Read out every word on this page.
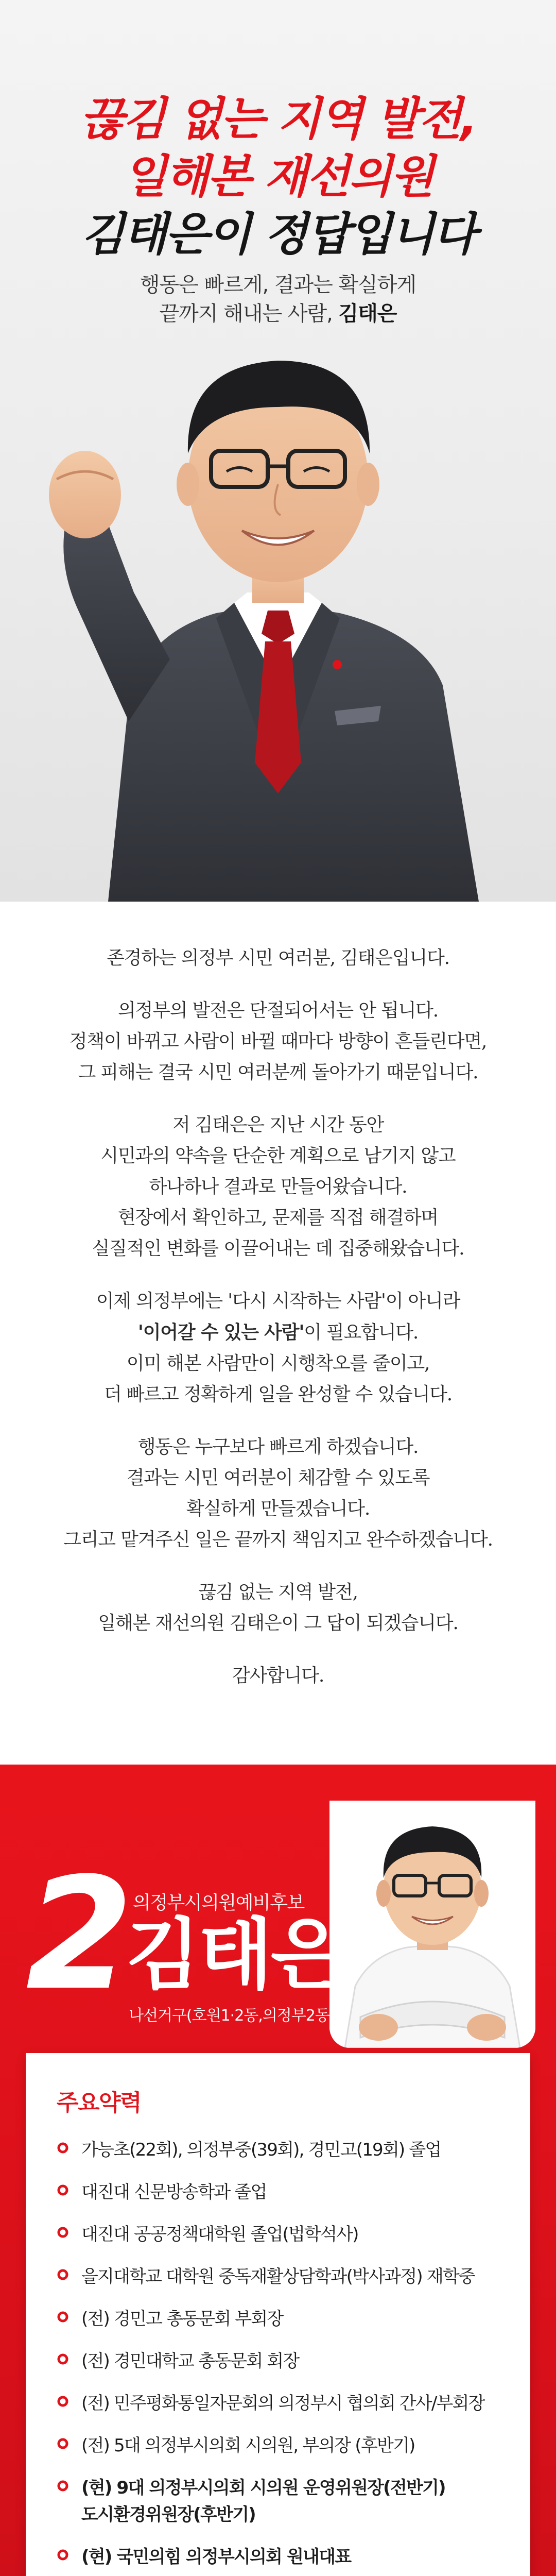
끊김 없는 지역 발전,
일해본 재선의원
김태은이 정답입니다
행동은 빠르게, 결과는 확실하게
끝까지 해내는 사람, 김태은
존경하는 의정부 시민 여러분, 김태은입니다.
의정부의 발전은 단절되어서는 안 됩니다.
정책이 바뀌고 사람이 바뀔 때마다 방향이 흔들린다면,
그 피해는 결국 시민 여러분께 돌아가기 때문입니다.
저 김태은은 지난 시간 동안
시민과의 약속을 단순한 계획으로 남기지 않고
하나하나 결과로 만들어왔습니다.
현장에서 확인하고, 문제를 직접 해결하며
실질적인 변화를 이끌어내는 데 집중해왔습니다.
이제 의정부에는 '다시 시작하는 사람'이 아니라
'이어갈 수 있는 사람'이 필요합니다.
이미 해본 사람만이 시행착오를 줄이고,
더 빠르고 정확하게 일을 완성할 수 있습니다.
행동은 누구보다 빠르게 하겠습니다.
결과는 시민 여러분이 체감할 수 있도록
확실하게 만들겠습니다.
그리고 맡겨주신 일은 끝까지 책임지고 완수하겠습니다.
끊김 없는 지역 발전,
일해본 재선의원 김태은이 그 답이 되겠습니다.
감사합니다.
2 의정부시의원예비후보
김태은
나선거구(호원1·2동,의정부2동)
주요약력
가능초(22회), 의정부중(39회), 경민고(19회) 졸업
대진대 신문방송학과 졸업
대진대 공공정책대학원 졸업(법학석사)
을지대학교 대학원 중독재활상담학과(박사과정) 재학중
(전) 경민고 총동문회 부회장
(전) 경민대학교 총동문회 회장
(전) 민주평화통일자문회의 의정부시 협의회 간사/부회장
(전) 5대 의정부시의회 시의원, 부의장 (후반기)
(현) 9대 의정부시의회 시의원 운영위원장(전반기)
도시환경위원장(후반기)
(현) 국민의힘 의정부시의회 원내대표
